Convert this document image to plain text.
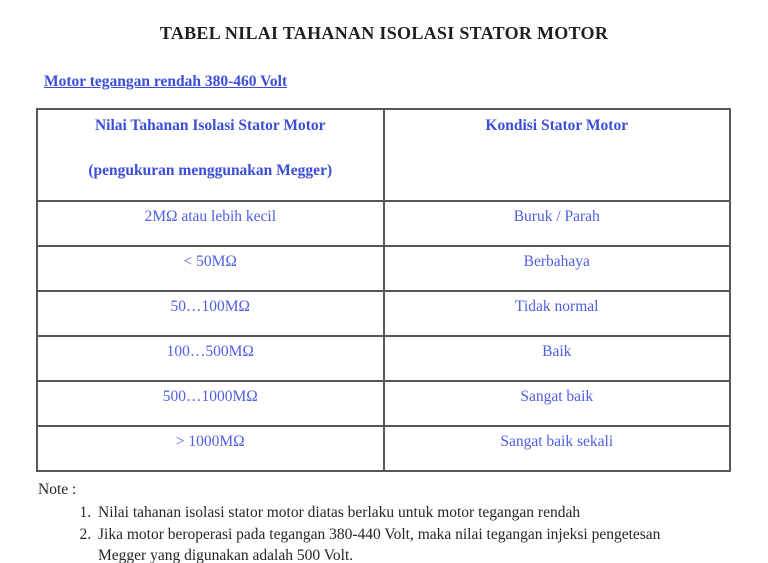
TABEL NILAI TAHANAN ISOLASI STATOR MOTOR
Motor tegangan rendah 380-460 Volt
Nilai Tahanan Isolasi Stator Motor
(pengukuran menggunakan Megger)	Kondisi Stator Motor

2MΩ atau lebih kecil	Buruk / Parah
< 50MΩ	Berbahaya
50…100MΩ	Tidak normal
100…500MΩ	Baik
500…1000MΩ	Sangat baik
> 1000MΩ	Sangat baik sekali
Note :
1. Nilai tahanan isolasi stator motor diatas berlaku untuk motor tegangan rendah
2. Jika motor beroperasi pada tegangan 380-440 Volt, maka nilai tegangan injeksi pengetesan Megger yang digunakan adalah 500 Volt.
